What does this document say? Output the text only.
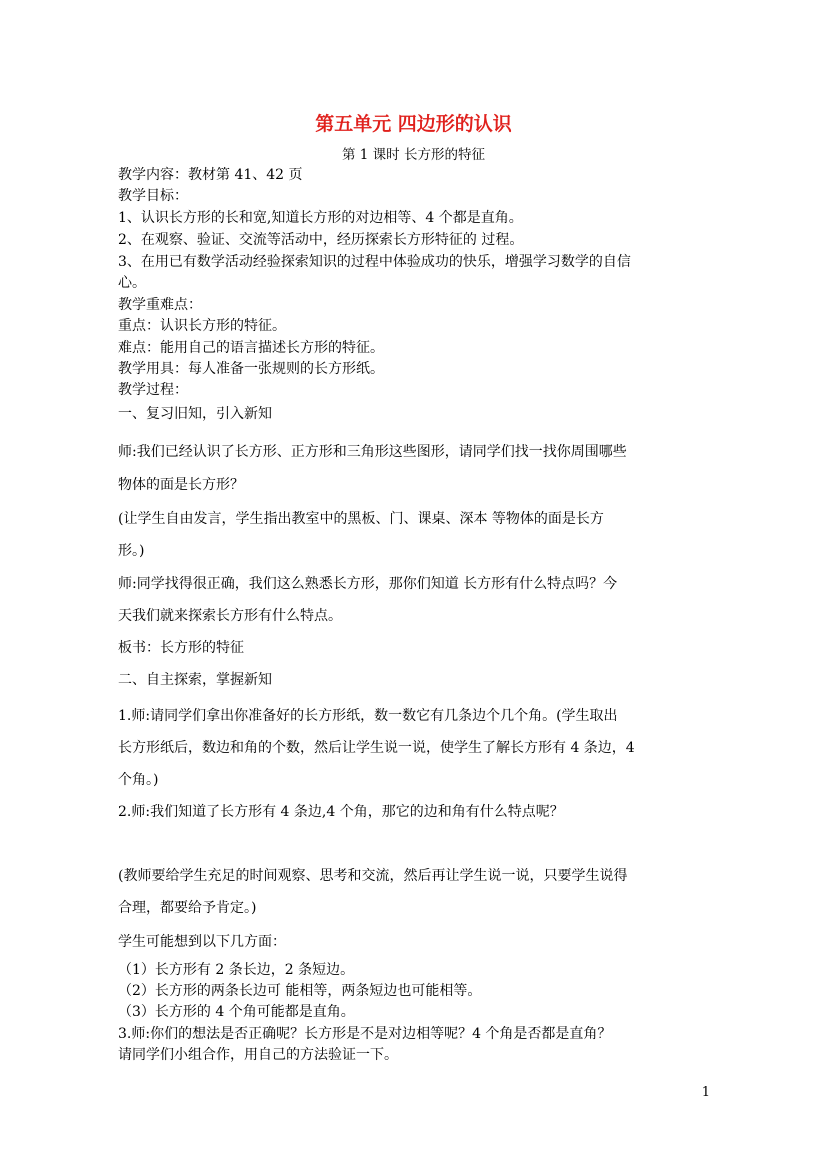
第五单元 四边形的认识
第 1 课时 长方形的特征
教学内容：教材第 41、42 页
教学目标：
1、认识长方形的长和宽,知道长方形的对边相等、4 个都是直角。
2、在观察、验证、交流等活动中，经历探索长方形特征的 过程。
3、在用已有数学活动经验探索知识的过程中体验成功的快乐，增强学习数学的自信
心。
教学重难点：
重点：认识长方形的特征。
难点：能用自己的语言描述长方形的特征。
教学用具：每人准备一张规则的长方形纸。
教学过程：
一、复习旧知，引入新知
师:我们已经认识了长方形、正方形和三角形这些图形，请同学们找一找你周围哪些
物体的面是长方形？
(让学生自由发言，学生指出教室中的黑板、门、课桌、深本 等物体的面是长方
形。)
师:同学找得很正确，我们这么熟悉长方形，那你们知道 长方形有什么特点吗？今
天我们就来探索长方形有什么特点。
板书：长方形的特征
二、自主探索，掌握新知
1.师:请同学们拿出你准备好的长方形纸，数一数它有几条边个几个角。(学生取出
长方形纸后，数边和角的个数，然后让学生说一说，使学生了解长方形有 4 条边，4
个角。)
2.师:我们知道了长方形有 4 条边,4 个角，那它的边和角有什么特点呢？
(教师要给学生充足的时间观察、思考和交流，然后再让学生说一说，只要学生说得
合理，都要给予肯定。)
学生可能想到以下几方面：
（1）长方形有 2 条长边，2 条短边。
（2）长方形的两条长边可 能相等，两条短边也可能相等。
（3）长方形的 4 个角可能都是直角。
3.师:你们的想法是否正确呢？长方形是不是对边相等呢？4 个角是否都是直角？
请同学们小组合作，用自己的方法验证一下。
1
